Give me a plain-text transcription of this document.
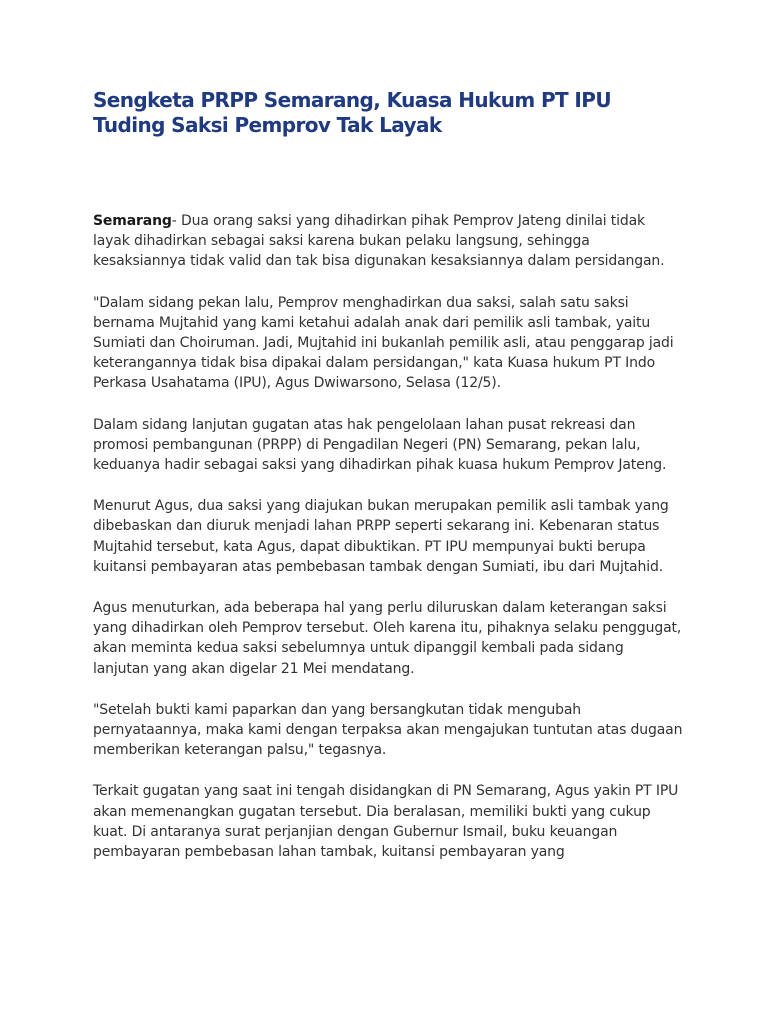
Sengketa PRPP Semarang, Kuasa Hukum PT IPU Tuding Saksi Pemprov Tak Layak

Semarang- Dua orang saksi yang dihadirkan pihak Pemprov Jateng dinilai tidak layak dihadirkan sebagai saksi karena bukan pelaku langsung, sehingga kesaksiannya tidak valid dan tak bisa digunakan kesaksiannya dalam persidangan.

"Dalam sidang pekan lalu, Pemprov menghadirkan dua saksi, salah satu saksi bernama Mujtahid yang kami ketahui adalah anak dari pemilik asli tambak, yaitu Sumiati dan Choiruman. Jadi, Mujtahid ini bukanlah pemilik asli, atau penggarap jadi keterangannya tidak bisa dipakai dalam persidangan," kata Kuasa hukum PT Indo Perkasa Usahatama (IPU), Agus Dwiwarsono, Selasa (12/5).

Dalam sidang lanjutan gugatan atas hak pengelolaan lahan pusat rekreasi dan promosi pembangunan (PRPP) di Pengadilan Negeri (PN) Semarang, pekan lalu, keduanya hadir sebagai saksi yang dihadirkan pihak kuasa hukum Pemprov Jateng.

Menurut Agus, dua saksi yang diajukan bukan merupakan pemilik asli tambak yang dibebaskan dan diuruk menjadi lahan PRPP seperti sekarang ini. Kebenaran status Mujtahid tersebut, kata Agus, dapat dibuktikan. PT IPU mempunyai bukti berupa kuitansi pembayaran atas pembebasan tambak dengan Sumiati, ibu dari Mujtahid.

Agus menuturkan, ada beberapa hal yang perlu diluruskan dalam keterangan saksi yang dihadirkan oleh Pemprov tersebut. Oleh karena itu, pihaknya selaku penggugat, akan meminta kedua saksi sebelumnya untuk dipanggil kembali pada sidang lanjutan yang akan digelar 21 Mei mendatang.

"Setelah bukti kami paparkan dan yang bersangkutan tidak mengubah pernyataannya, maka kami dengan terpaksa akan mengajukan tuntutan atas dugaan memberikan keterangan palsu," tegasnya.

Terkait gugatan yang saat ini tengah disidangkan di PN Semarang, Agus yakin PT IPU akan memenangkan gugatan tersebut. Dia beralasan, memiliki bukti yang cukup kuat. Di antaranya surat perjanjian dengan Gubernur Ismail, buku keuangan pembayaran pembebasan lahan tambak, kuitansi pembayaran yang
